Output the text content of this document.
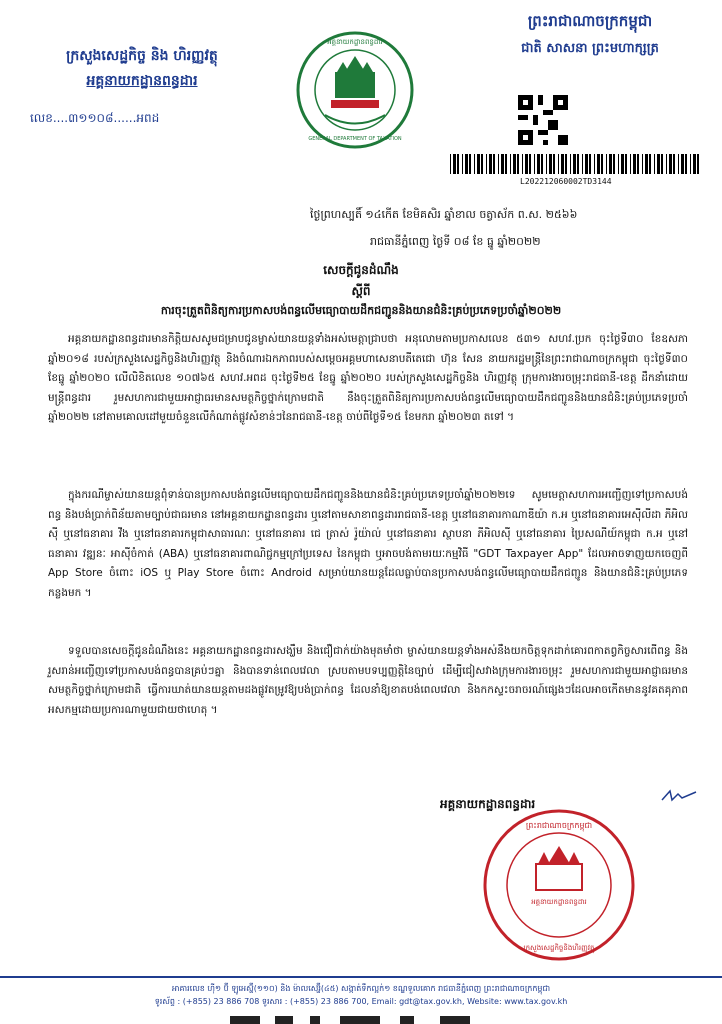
ក្រសួងសេដ្ឋកិច្ច និង ហិរញ្ញវត្ថុ
អគ្គនាយកដ្ឋានពន្ធដារ
លេខ....៣១១០៨......អពដ
អគ្គនាយកដ្ឋានពន្ធដារ
GENERAL DEPARTMENT OF TAXATION
ព្រះរាជាណាចក្រកម្ពុជា
ជាតិ សាសនា ព្រះមហាក្សត្រ
L202212060002TD3144
ថ្ងៃព្រហស្បតិ៍ ១៤កើត ខែមិគសិរ ឆ្នាំខាល ចត្វាស័ក ព.ស. ២៥៦៦
រាជធានីភ្នំពេញ ថ្ងៃទី ០៨ ខែ ធ្នូ ឆ្នាំ២០២២
សេចក្តីជូនដំណឹង
ស្តីពី
ការចុះត្រួតពិនិត្យការប្រកាសបង់ពន្ធលើមធ្យោបាយដឹកជញ្ជូននិងយានជំនិះគ្រប់ប្រភេទប្រចាំឆ្នាំ២០២២
អគ្គនាយកដ្ឋានពន្ធដារមានកិត្តិយសសូមជម្រាបជូនម្ចាស់យានយន្តទាំងអស់មេត្តាជ្រាបថា អនុលោមតាមប្រកាសលេខ ៥៣១ សហវ.ប្រក ចុះថ្ងៃទី៣០ ខែឧសភា ឆ្នាំ២០១៨ របស់ក្រសួងសេដ្ឋកិច្ចនិងហិរញ្ញវត្ថុ និងចំណារឯកភាពរបស់សម្តេចអគ្គមហាសេនាបតីតេជោ ហ៊ុន សែន នាយករដ្ឋមន្ត្រីនៃព្រះរាជាណាចក្រកម្ពុជា ចុះថ្ងៃទី៣០ ខែធ្នូ ឆ្នាំ២០២០ លើលិខិតលេខ ១០៧៦៥ សហវ.អពដ ចុះថ្ងៃទី២៥ ខែធ្នូ ឆ្នាំ២០២០ របស់ក្រសួងសេដ្ឋកិច្ចនិង ហិរញ្ញវត្ថុ ក្រុមការងារចម្រុះរាជធានី-ខេត្ត ដឹកនាំដោយមន្ត្រីពន្ធដារ រួមសហការជាមួយអាជ្ញាធរមានសមត្ថកិច្ចថ្នាក់ក្រោមជាតិ នឹងចុះត្រួតពិនិត្យការប្រកាសបង់ពន្ធលើមធ្យោបាយដឹកជញ្ជូននិងយានជំនិះគ្រប់ប្រភេទប្រចាំឆ្នាំ២០២២ នៅតាមគោលដៅមួយចំនួនលើកំណាត់ផ្លូវសំខាន់ៗនៃរាជធានី-ខេត្ត ចាប់ពីថ្ងៃទី១៥ ខែមករា ឆ្នាំ២០២៣ តទៅ ។
ក្នុងករណីម្ចាស់យានយន្តពុំទាន់បានប្រកាសបង់ពន្ធលើមធ្យោបាយដឹកជញ្ជូននិងយានជំនិះគ្រប់ប្រភេទប្រចាំឆ្នាំ២០២២ទេ សូមមេត្តាសហការអញ្ជើញទៅប្រកាសបង់ពន្ធ និងបង់ប្រាក់ពិន័យតាមច្បាប់ជាធរមាន នៅអគ្គនាយកដ្ឋានពន្ធដារ ឬនៅតាមសាខាពន្ធដាររាជធានី-ខេត្ត ឬនៅធនាគារកាណាឌីយ៉ា ក.អ ឬនៅធនាគារអេស៊ីលីដា ភីអិលស៊ី ឬនៅធនាគារ វីង ឬនៅធនាគារកម្ពុជាសាធារណៈ ឬនៅធនាគារ ជេ ត្រាស់ រ៉ូយ៉ាល់ ឬនៅធនាគារ ស្ថាបនា ភីអិលស៊ី ឬនៅធនាគារ ប្រៃសណីយ៍កម្ពុជា ក.អ ឬនៅធនាគារ វឌ្ឍនៈ អាស៊ីចំកាត់ (ABA) ឬនៅធនាគារពាណិជ្ជកម្មក្រៅប្រទេស នៃកម្ពុជា ឬអាចបង់តាមរយៈកម្មវិធី "GDT Taxpayer App" ដែលអាចទាញយកចេញពី App Store ចំពោះ iOS ឬ Play Store ចំពោះ Android សម្រាប់យានយន្តដែលធ្លាប់បានប្រកាសបង់ពន្ធលើមធ្យោបាយដឹកជញ្ជូន និងយានជំនិះគ្រប់ប្រភេទកន្លងមក ។
ទទួលបានសេចក្តីជូនដំណឹងនេះ អគ្គនាយកដ្ឋានពន្ធដារសង្ឃឹម និងជឿជាក់យ៉ាងមុតមាំថា ម្ចាស់យានយន្តទាំងអស់នឹងយកចិត្តទុកដាក់គោរពកាតព្វកិច្ចសារពើពន្ធ និងរួសរាន់អញ្ជើញទៅប្រកាសបង់ពន្ធបានគ្រប់ៗគ្នា និងបានទាន់ពេលវេលា ស្របតាមបទប្បញ្ញត្តិនៃច្បាប់ ដើម្បីជៀសវាងក្រុមការងារចម្រុះ រួមសហការជាមួយអាជ្ញាធរមានសមត្ថកិច្ចថ្នាក់ក្រោមជាតិ ធ្វើការឃាត់យានយន្តតាមដងផ្លូវតម្រូវឱ្យបង់ប្រាក់ពន្ធ ដែលនាំឱ្យខាតបង់ពេលវេលា និងកកស្ទះចរាចរណ៍ផ្សេងៗដែលអាចកើតមាននូវគតគុភាពអសកម្មដោយប្រការណាមួយជាយថាហេតុ ។
អគ្គនាយកដ្ឋានពន្ធដារ
ព្រះរាជាណាចក្រកម្ពុជា
អគ្គនាយកដ្ឋានពន្ធដារ
ក្រសួងសេដ្ឋកិច្ចនិងហិរញ្ញវត្ថុ
អាគារលេខ ហ៊ី១ ប៊ី ឡូអេស្ហ៊ី(១១០) និង ម៉ាលសេរ្ហ៊ី(៤៥) សង្កាត់ទឹកល្អក់១ ខណ្ឌទួលគោក រាជធានីភ្នំពេញ ព្រះរាជាណាចក្រកម្ពុជា
ទូរស័ព្ទ : (+855) 23 886 708 ទូរសារ : (+855) 23 886 700, Email: gdt@tax.gov.kh, Website: www.tax.gov.kh
